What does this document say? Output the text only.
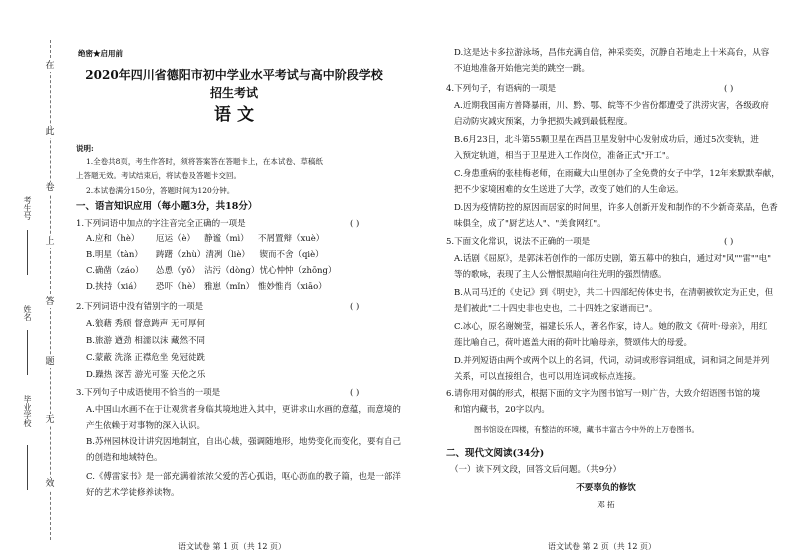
在
此
卷
上
答
题
无
效
考生号
姓名
毕业学校
绝密★启用前
2020年四川省德阳市初中学业水平考试与高中阶段学校
招生考试
语 文
说明:
1.全卷共8页，考生作答时，须将答案答在答题卡上，在本试卷、草稿纸
上答题无效。考试结束后，将试卷及答题卡交回。
2.本试卷满分150分，答题时间为120分钟。
一、语言知识应用（每小题3分，共18分）
1.下列词语中加点的字注音完全正确的一项是	( )
A.应和（hè） 厄运（è） 静谧（mì） 不屑置辩（xuè）
B.明星（tàn） 踌躇（zhù）清冽（liè） 锲而不舍（qiè）
C.确凿（záo） 怂恿（yǒ） 沾污（dòng）忧心忡忡（zhōng）
D.挟持（xiá） 恐吓（hè） 雅崽（mǐn） 惟妙惟肖（xiāo）
2.下列词语中没有错别字的一项是	( )
A.狼藉 秀颀 督意踌声 无可厚何
B.旅游 遒劲 相濡以沫 藏然不同
C.蒙蔽 洗涤 正襟危坐 免冠徒跣
D.躁热 深苦 游光可鉴 天伦之乐
3.下列句子中成语使用不恰当的一项是	( )
A.中国山水画不在于让观赏者身临其境地进入其中，更讲求山水画的意蕴，而意境的
产生依赖于对事物的深入认识。
B.苏州园林设计讲究因地制宜，自出心裁，强调随地形，地势变化而变化，要有自己
的创造和地域特色。
C.《傅雷家书》是一部充满着浓浓父爱的苦心孤诣，呕心沥血的教子篇，也是一部洋
好的艺术学徒修养读物。
语文试卷 第 1 页（共 12 页）
D.这是达卡多拉游泳场，昌伟充满自信，神采奕奕，沉静自若地走上十米高台，从容
不迫地准备开始他完美的跳空一跳。
4.下列句子，有语病的一项是	( )
A.近期我国南方普降暴雨，川、黔、鄂、皖等不少省份都遭受了洪涝灾害，各级政府
启动防灾减灾预案，力争把损失减到最低程度。
B.6月23日，北斗第55颗卫星在西昌卫星发射中心发射成功后，通过5次变轨，进
入预定轨道，相当于卫星进入工作岗位，准备正式"开工"。
C.身患重病的张桂梅老师，在雨藏大山里创办了全免费的女子中学，12年来默默奉献，
把不少家境困难的女生送进了大学，改变了她们的人生命运。
D.因为疫情防控的原因而居家的时间里，许多人创新开发和制作的不少新奇菜品，色香
味俱全，成了"厨艺达人"、"美食网红"。
5.下面文化常识，说法不正确的一项是	( )
A.话剧《屈原》，是郭沫若创作的一部历史剧，第五幕中的独白，通过对"风""雷""电"
等的歌咏，表现了主人公憎恨黑暗向往光明的强烈情感。
B.从司马迁的《史记》到《明史》，共二十四部纪传体史书，在清朝被钦定为正史，但
是们被此"二十四史非也史也，二十四姓之家谱而已"。
C.冰心，原名谢婉莹，福建长乐人，著名作家，诗人。她的散文《荷叶·母亲》，用红
莲比喻自己，荷叶遮盖大雨的荷叶比喻母亲，赞颂伟大的母爱。
D.并列短语由两个或两个以上的名词，代词，动词或形容词组成，词和词之间是并列
关系，可以直接组合，也可以用连词或标点连接。
6.请你用对偶的形式，根据下面的文字为图书馆写一则广告，大致介绍语图书馆的境
和馆内藏书，20字以内。
图书馆设在四楼，有整洁的环境，藏书丰富古今中外的上万卷图书。
二、现代文阅读(34分)
（一）读下列文段，回答文后问题。（共9分）
不要辜负的修饮
邓 拓
语文试卷 第 2 页（共 12 页）
